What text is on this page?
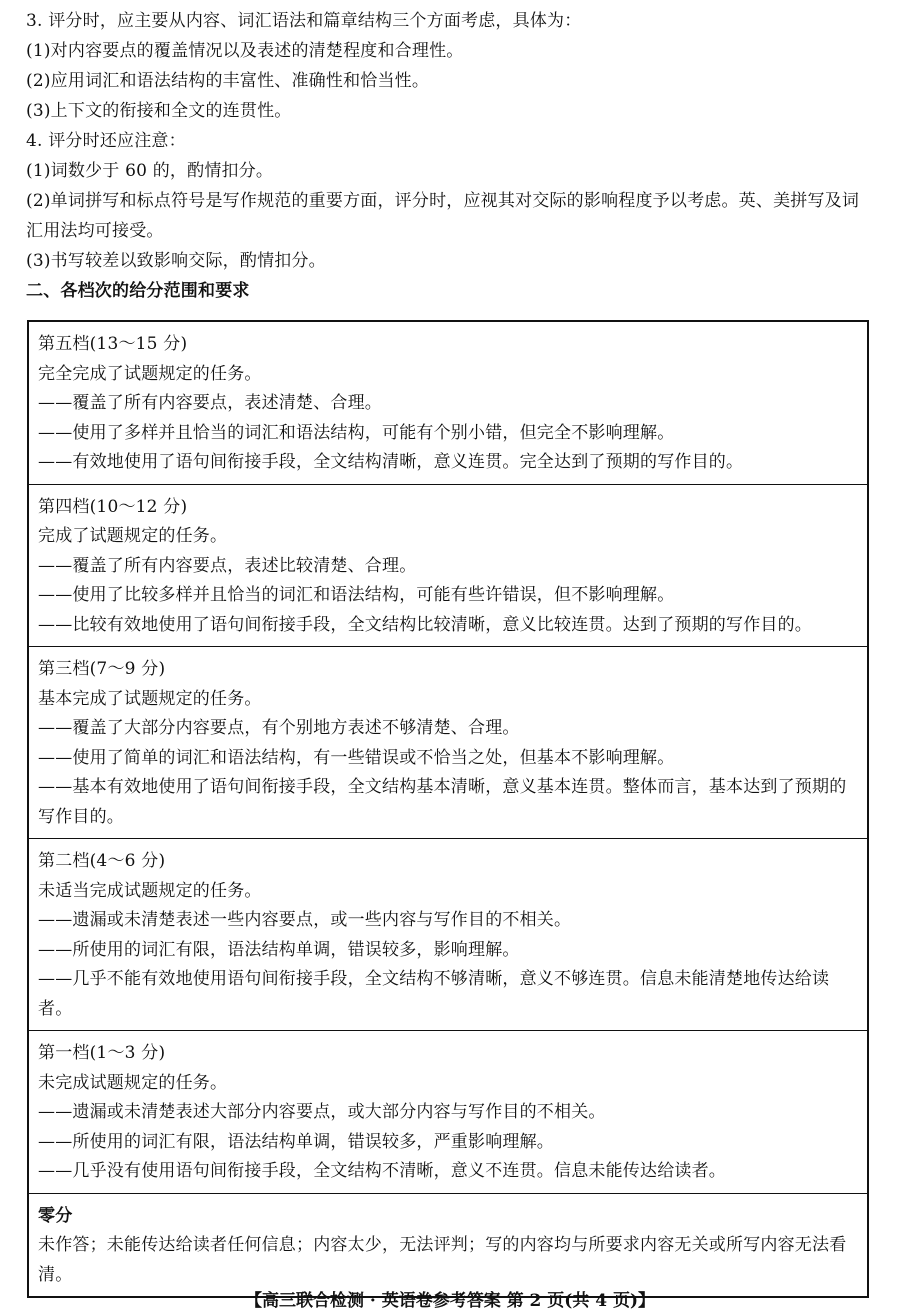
3. 评分时，应主要从内容、词汇语法和篇章结构三个方面考虑，具体为：
(1)对内容要点的覆盖情况以及表述的清楚程度和合理性。
(2)应用词汇和语法结构的丰富性、准确性和恰当性。
(3)上下文的衔接和全文的连贯性。
4. 评分时还应注意：
(1)词数少于 60 的，酌情扣分。
(2)单词拼写和标点符号是写作规范的重要方面，评分时，应视其对交际的影响程度予以考虑。英、美拼写及词汇用法均可接受。
(3)书写较差以致影响交际，酌情扣分。
二、各档次的给分范围和要求
第五档(13～15 分)
完全完成了试题规定的任务。
——覆盖了所有内容要点，表述清楚、合理。
——使用了多样并且恰当的词汇和语法结构，可能有个别小错，但完全不影响理解。
——有效地使用了语句间衔接手段，全文结构清晰，意义连贯。完全达到了预期的写作目的。
第四档(10～12 分)
完成了试题规定的任务。
——覆盖了所有内容要点，表述比较清楚、合理。
——使用了比较多样并且恰当的词汇和语法结构，可能有些许错误，但不影响理解。
——比较有效地使用了语句间衔接手段，全文结构比较清晰，意义比较连贯。达到了预期的写作目的。
第三档(7～9 分)
基本完成了试题规定的任务。
——覆盖了大部分内容要点，有个别地方表述不够清楚、合理。
——使用了简单的词汇和语法结构，有一些错误或不恰当之处，但基本不影响理解。
——基本有效地使用了语句间衔接手段，全文结构基本清晰，意义基本连贯。整体而言，基本达到了预期的写作目的。
第二档(4～6 分)
未适当完成试题规定的任务。
——遗漏或未清楚表述一些内容要点，或一些内容与写作目的不相关。
——所使用的词汇有限，语法结构单调，错误较多，影响理解。
——几乎不能有效地使用语句间衔接手段，全文结构不够清晰，意义不够连贯。信息未能清楚地传达给读者。
第一档(1～3 分)
未完成试题规定的任务。
——遗漏或未清楚表述大部分内容要点，或大部分内容与写作目的不相关。
——所使用的词汇有限，语法结构单调，错误较多，严重影响理解。
——几乎没有使用语句间衔接手段，全文结构不清晰，意义不连贯。信息未能传达给读者。
零分
未作答；未能传达给读者任何信息；内容太少，无法评判；写的内容均与所要求内容无关或所写内容无法看清。
【高三联合检测 · 英语卷参考答案 第 2 页(共 4 页)】
